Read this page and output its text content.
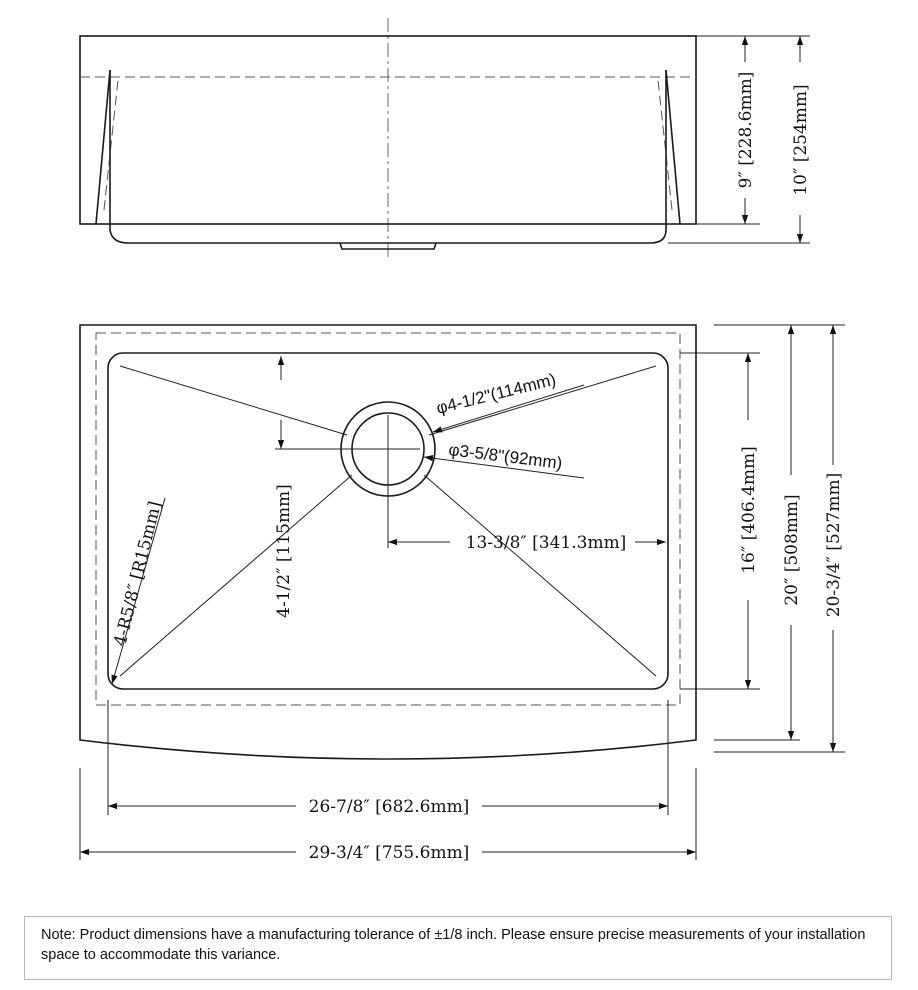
9″ [228.6mm] 10″ [254mm]
φ4-1/2"(114mm)
φ3-5/8"(92mm)
4-1/2″ [115mm]	13-3/8″ [341.3mm]
4-R5/8″ [R15mm]	16″ [406.4mm] 20″ [508mm] 20-3/4″ [527mm]
26-7/8″ [682.6mm]
29-3/4″ [755.6mm]
Note: Product dimensions have a manufacturing tolerance of ±1/8 inch. Please ensure precise measurements of your installation space to accommodate this variance.
